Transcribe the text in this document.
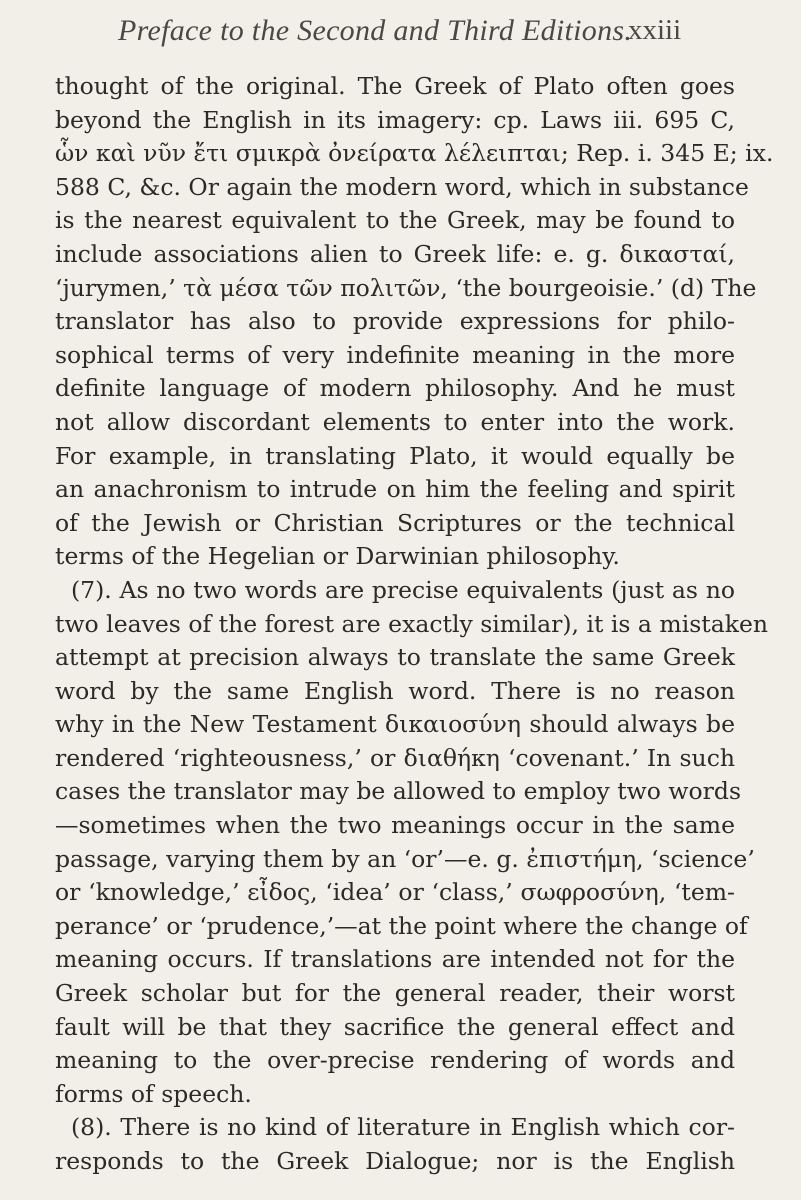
Preface to the Second and Third Editions.
xxiii
thought of the original. The Greek of Plato often goes
beyond the English in its imagery: cp. Laws iii. 695 C,
ὧν καὶ νῦν ἔτι σμικρὰ ὀνείρατα λέλειπται; Rep. i. 345 E; ix.
588 C, &c. Or again the modern word, which in substance
is the nearest equivalent to the Greek, may be found to
include associations alien to Greek life: e. g. δικασταί,
‘jurymen,’ τὰ μέσα τῶν πολιτῶν, ‘the bourgeoisie.’ (d) The
translator has also to provide expressions for philo-
sophical terms of very indefinite meaning in the more
definite language of modern philosophy. And he must
not allow discordant elements to enter into the work.
For example, in translating Plato, it would equally be
an anachronism to intrude on him the feeling and spirit
of the Jewish or Christian Scriptures or the technical
terms of the Hegelian or Darwinian philosophy.
(7). As no two words are precise equivalents (just as no
two leaves of the forest are exactly similar), it is a mistaken
attempt at precision always to translate the same Greek
word by the same English word. There is no reason
why in the New Testament δικαιοσύνη should always be
rendered ‘righteousness,’ or διαθήκη ‘covenant.’ In such
cases the translator may be allowed to employ two words
—sometimes when the two meanings occur in the same
passage, varying them by an ‘or’—e. g. ἐπιστήμη, ‘science’
or ‘knowledge,’ εἶδος, ‘idea’ or ‘class,’ σωφροσύνη, ‘tem-
perance’ or ‘prudence,’—at the point where the change of
meaning occurs. If translations are intended not for the
Greek scholar but for the general reader, their worst
fault will be that they sacrifice the general effect and
meaning to the over-precise rendering of words and
forms of speech.
(8). There is no kind of literature in English which cor-
responds to the Greek Dialogue; nor is the English
